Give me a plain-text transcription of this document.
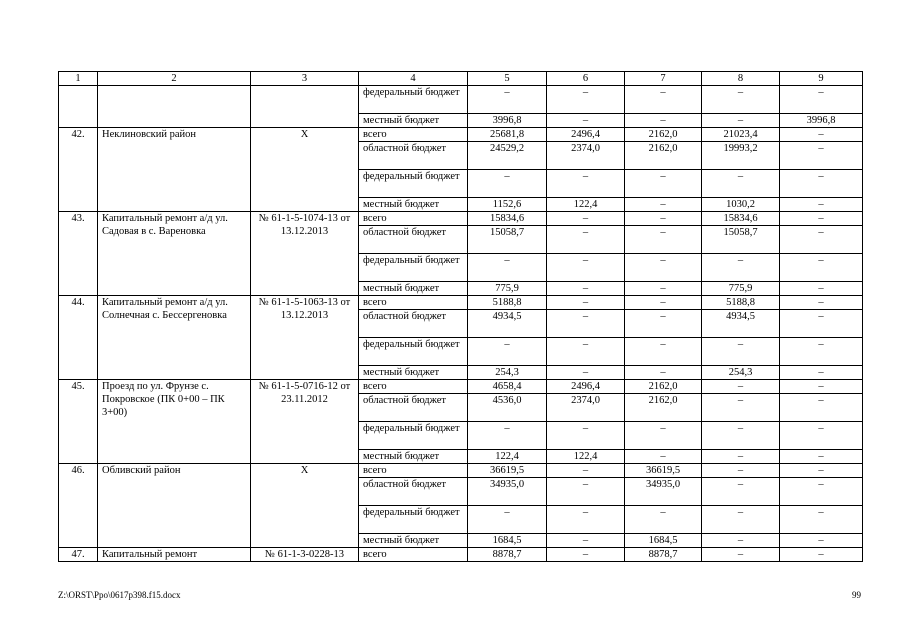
1	2	3	4	5	6	7	8	9
			федеральный бюджет	–	–	–	–	–
			местный бюджет	3996,8	–	–	–	3996,8
42.	Неклиновский район	Х	всего	25681,8	2496,4	2162,0	21023,4	–
			областной бюджет	24529,2	2374,0	2162,0	19993,2	–
			федеральный бюджет	–	–	–	–	–
			местный бюджет	1152,6	122,4	–	1030,2	–
43.	Капитальный ремонт а/д ул. Садовая в с. Вареновка	№ 61-1-5-1074-13 от 13.12.2013	всего	15834,6	–	–	15834,6	–
			областной бюджет	15058,7	–	–	15058,7	–
			федеральный бюджет	–	–	–	–	–
			местный бюджет	775,9	–	–	775,9	–
44.	Капитальный ремонт а/д ул. Солнечная с. Бессергеновка	№ 61-1-5-1063-13 от 13.12.2013	всего	5188,8	–	–	5188,8	–
			областной бюджет	4934,5	–	–	4934,5	–
			федеральный бюджет	–	–	–	–	–
			местный бюджет	254,3	–	–	254,3	–
45.	Проезд по ул. Фрунзе с. Покровское (ПК 0+00 – ПК 3+00)	№ 61-1-5-0716-12 от 23.11.2012	всего	4658,4	2496,4	2162,0	–	–
			областной бюджет	4536,0	2374,0	2162,0	–	–
			федеральный бюджет	–	–	–	–	–
			местный бюджет	122,4	122,4	–	–	–
46.	Обливский район	Х	всего	36619,5	–	36619,5	–	–
			областной бюджет	34935,0	–	34935,0	–	–
			федеральный бюджет	–	–	–	–	–
			местный бюджет	1684,5	–	1684,5	–	–
47.	Капитальный ремонт	№ 61-1-3-0228-13	всего	8878,7	–	8878,7	–	–
Z:\ORST\Ppo\0617p398.f15.docx	99
